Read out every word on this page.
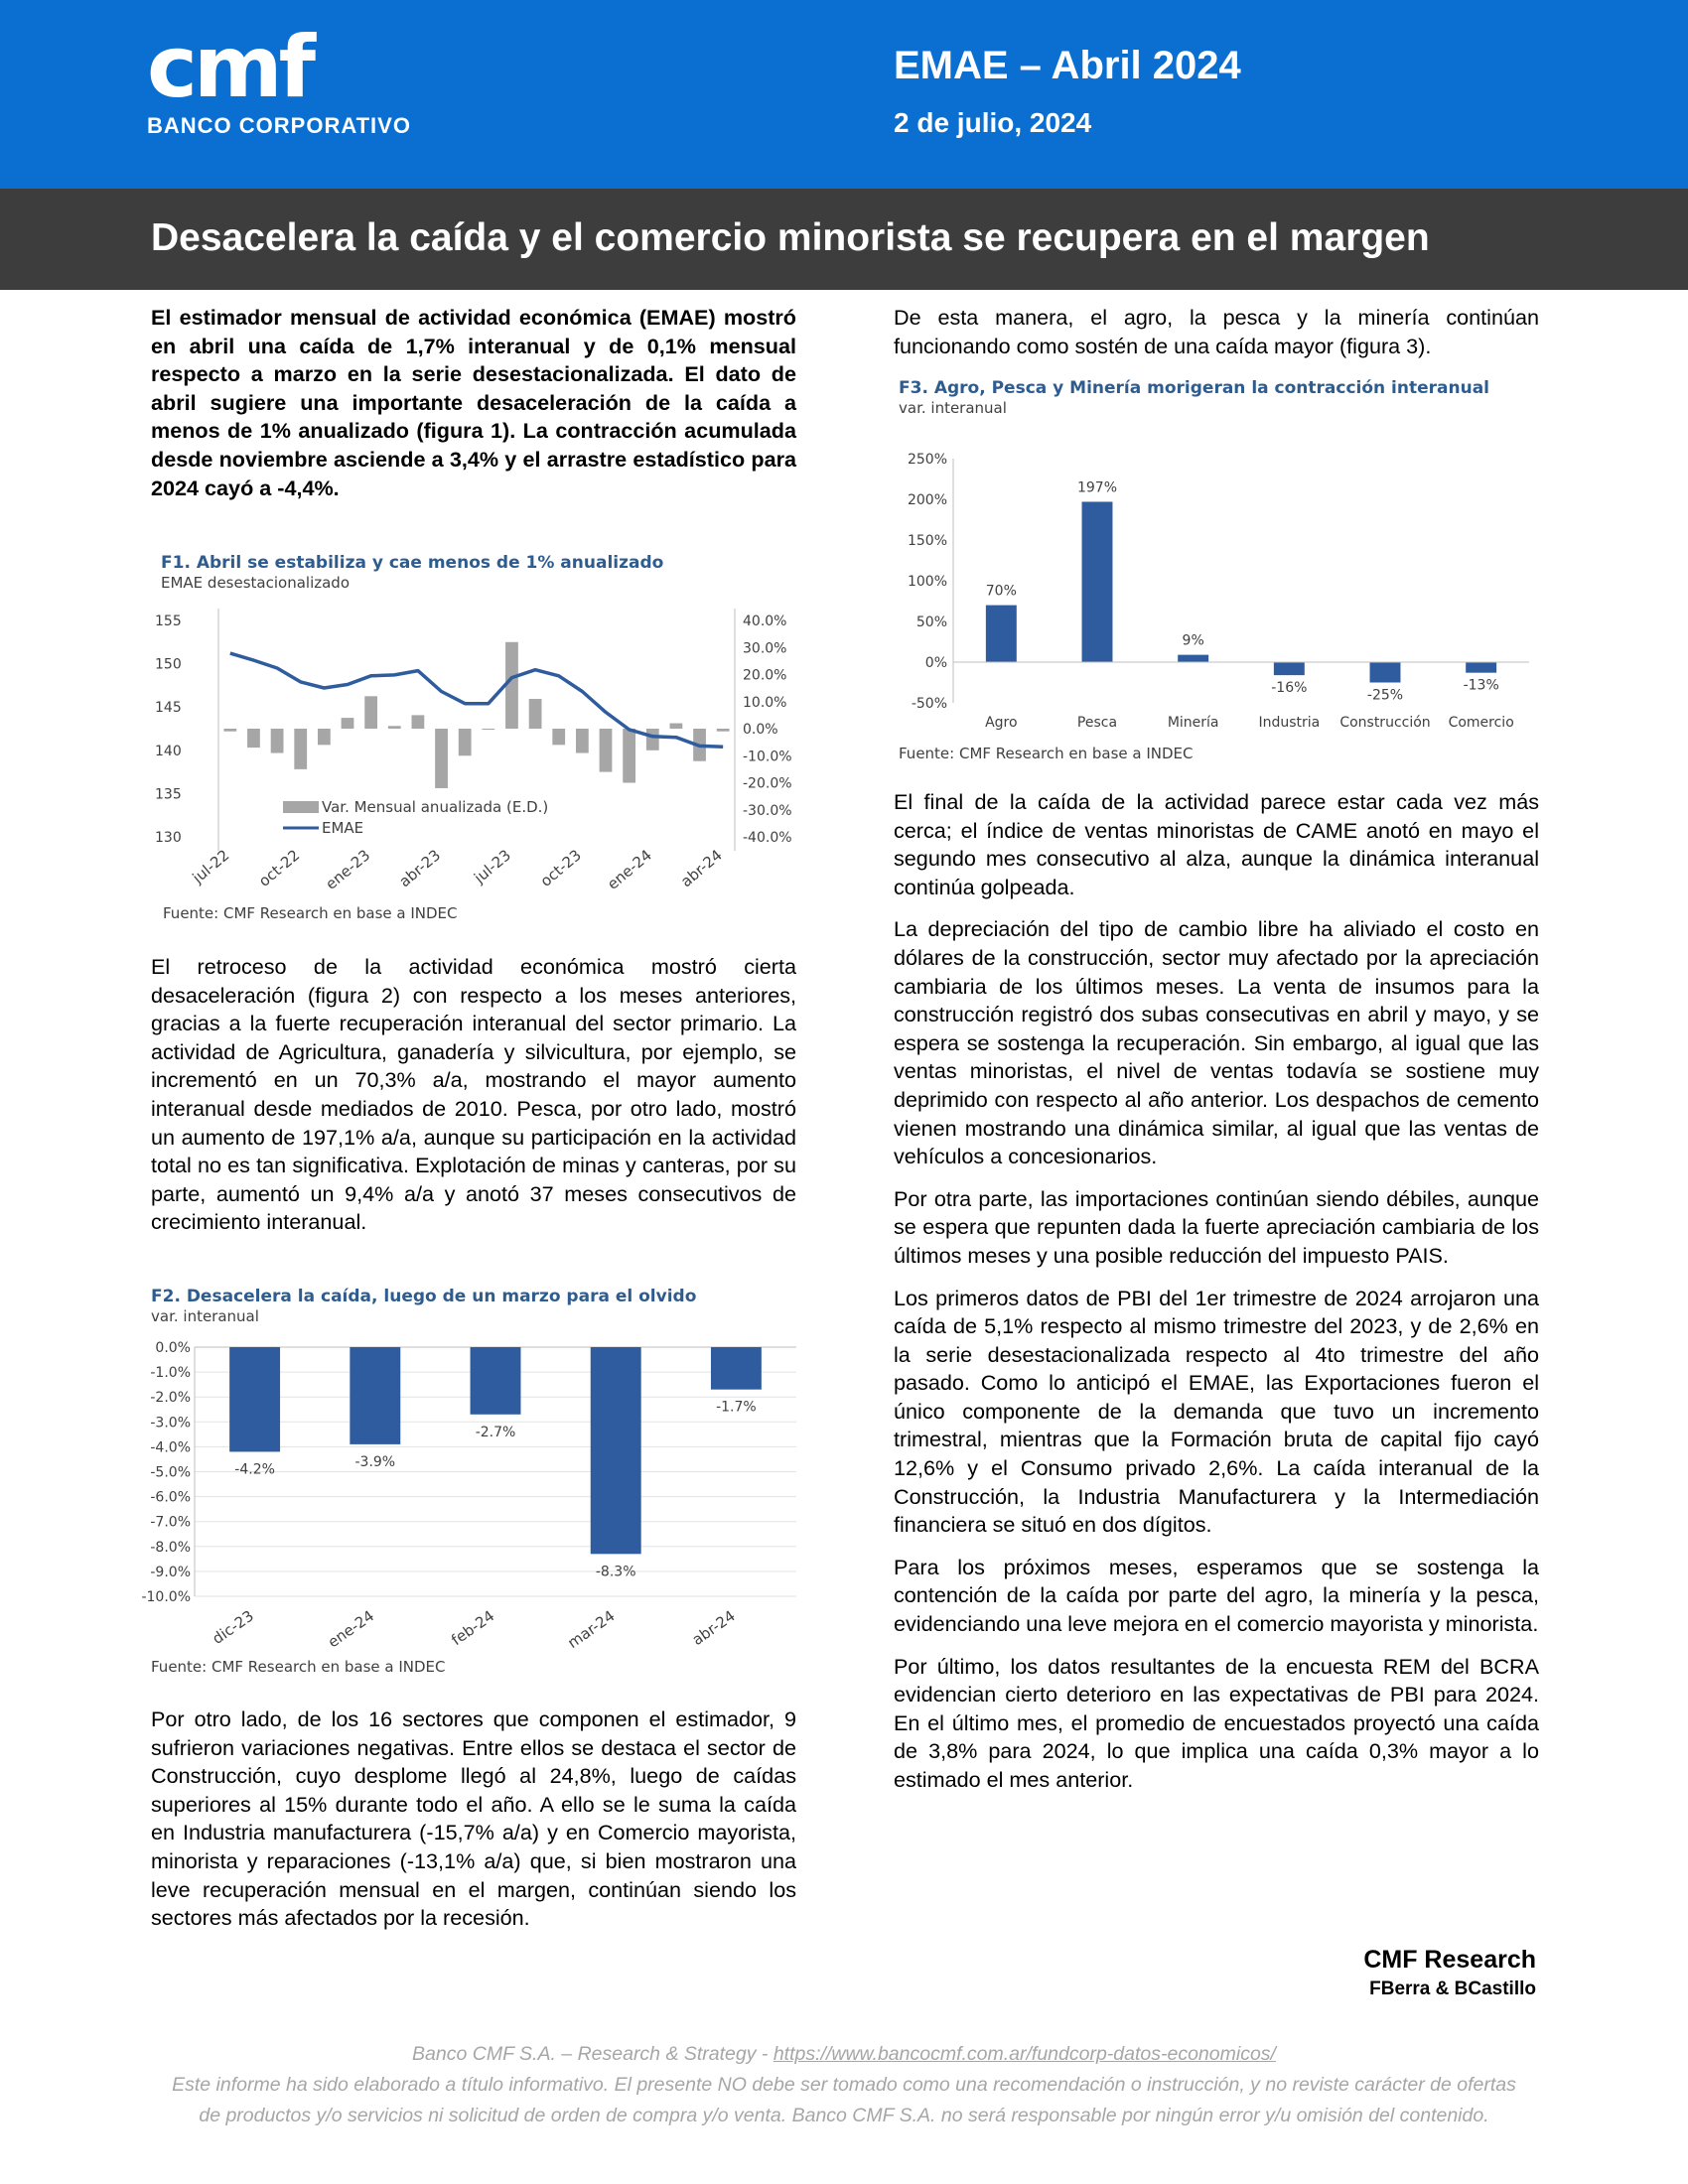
cmf
BANCO CORPORATIVO
EMAE – Abril 2024
2 de julio, 2024
Desacelera la caída y el comercio minorista se recupera en el margen

El estimador mensual de actividad económica (EMAE) mostró en abril una caída de 1,7% interanual y de 0,1% mensual respecto a marzo en la serie desestacionalizada. El dato de abril sugiere una importante desaceleración de la caída a menos de 1% anualizado (figura 1). La contracción acumulada desde noviembre asciende a 3,4% y el arrastre estadístico para 2024 cayó a -4,4%.

F1. Abril se estabiliza y cae menos de 1% anualizado
EMAE desestacionalizado
155
150
145
140
135
130
40.0%
30.0%
20.0%
10.0%
0.0%
-10.0%
-20.0%
-30.0%
-40.0%
jul-22 oct-22 ene-23 abr-23 jul-23 oct-23 ene-24 abr-24
Var. Mensual anualizada (E.D.)
EMAE
Fuente: CMF Research en base a INDEC

El retroceso de la actividad económica mostró cierta desaceleración (figura 2) con respecto a los meses anteriores, gracias a la fuerte recuperación interanual del sector primario. La actividad de Agricultura, ganadería y silvicultura, por ejemplo, se incrementó en un 70,3% a/a, mostrando el mayor aumento interanual desde mediados de 2010. Pesca, por otro lado, mostró un aumento de 197,1% a/a, aunque su participación en la actividad total no es tan significativa. Explotación de minas y canteras, por su parte, aumentó un 9,4% a/a y anotó 37 meses consecutivos de crecimiento interanual.

F2. Desacelera la caída, luego de un marzo para el olvido
var. interanual
-4.2%	-3.9%
-2.7%
-8.3%
-1.7%
0.0%
-1.0%
-2.0%
-3.0%
-4.0%
-5.0%
-6.0%
-7.0%
-8.0%
-9.0%
-10.0%
dic-23	ene-24	feb-24	mar-24	abr-24
Fuente: CMF Research en base a INDEC

Por otro lado, de los 16 sectores que componen el estimador, 9 sufrieron variaciones negativas. Entre ellos se destaca el sector de Construcción, cuyo desplome llegó al 24,8%, luego de caídas superiores al 15% durante todo el año. A ello se le suma la caída en Industria manufacturera (-15,7% a/a) y en Comercio mayorista, minorista y reparaciones (-13,1% a/a) que, si bien mostraron una leve recuperación mensual en el margen, continúan siendo los sectores más afectados por la recesión.

De esta manera, el agro, la pesca y la minería continúan funcionando como sostén de una caída mayor (figura 3).

F3. Agro, Pesca y Minería morigeran la contracción interanual
var. interanual
70%
197%
9%
-16%	-25%
-13%
250%
200%
150%
100%
50%
0%
-50%
Agro	Pesca	Minería	Industria Construcción Comercio
Fuente: CMF Research en base a INDEC

El final de la caída de la actividad parece estar cada vez más cerca; el índice de ventas minoristas de CAME anotó en mayo el segundo mes consecutivo al alza, aunque la dinámica interanual continúa golpeada.

La depreciación del tipo de cambio libre ha aliviado el costo en dólares de la construcción, sector muy afectado por la apreciación cambiaria de los últimos meses. La venta de insumos para la construcción registró dos subas consecutivas en abril y mayo, y se espera se sostenga la recuperación. Sin embargo, al igual que las ventas minoristas, el nivel de ventas todavía se sostiene muy deprimido con respecto al año anterior. Los despachos de cemento vienen mostrando una dinámica similar, al igual que las ventas de vehículos a concesionarios.

Por otra parte, las importaciones continúan siendo débiles, aunque se espera que repunten dada la fuerte apreciación cambiaria de los últimos meses y una posible reducción del impuesto PAIS.

Los primeros datos de PBI del 1er trimestre de 2024 arrojaron una caída de 5,1% respecto al mismo trimestre del 2023, y de 2,6% en la serie desestacionalizada respecto al 4to trimestre del año pasado. Como lo anticipó el EMAE, las Exportaciones fueron el único componente de la demanda que tuvo un incremento trimestral, mientras que la Formación bruta de capital fijo cayó 12,6% y el Consumo privado 2,6%. La caída interanual de la Construcción, la Industria Manufacturera y la Intermediación financiera se situó en dos dígitos.

Para los próximos meses, esperamos que se sostenga la contención de la caída por parte del agro, la minería y la pesca, evidenciando una leve mejora en el comercio mayorista y minorista.

Por último, los datos resultantes de la encuesta REM del BCRA evidencian cierto deterioro en las expectativas de PBI para 2024. En el último mes, el promedio de encuestados proyectó una caída de 3,8% para 2024, lo que implica una caída 0,3% mayor a lo estimado el mes anterior.

CMF Research
FBerra & BCastillo
Banco CMF S.A. – Research & Strategy - https://www.bancocmf.com.ar/fundcorp-datos-economicos/
Este informe ha sido elaborado a título informativo. El presente NO debe ser tomado como una recomendación o instrucción, y no reviste carácter de ofertas de productos y/o servicios ni solicitud de orden de compra y/o venta. Banco CMF S.A. no será responsable por ningún error y/u omisión del contenido.
